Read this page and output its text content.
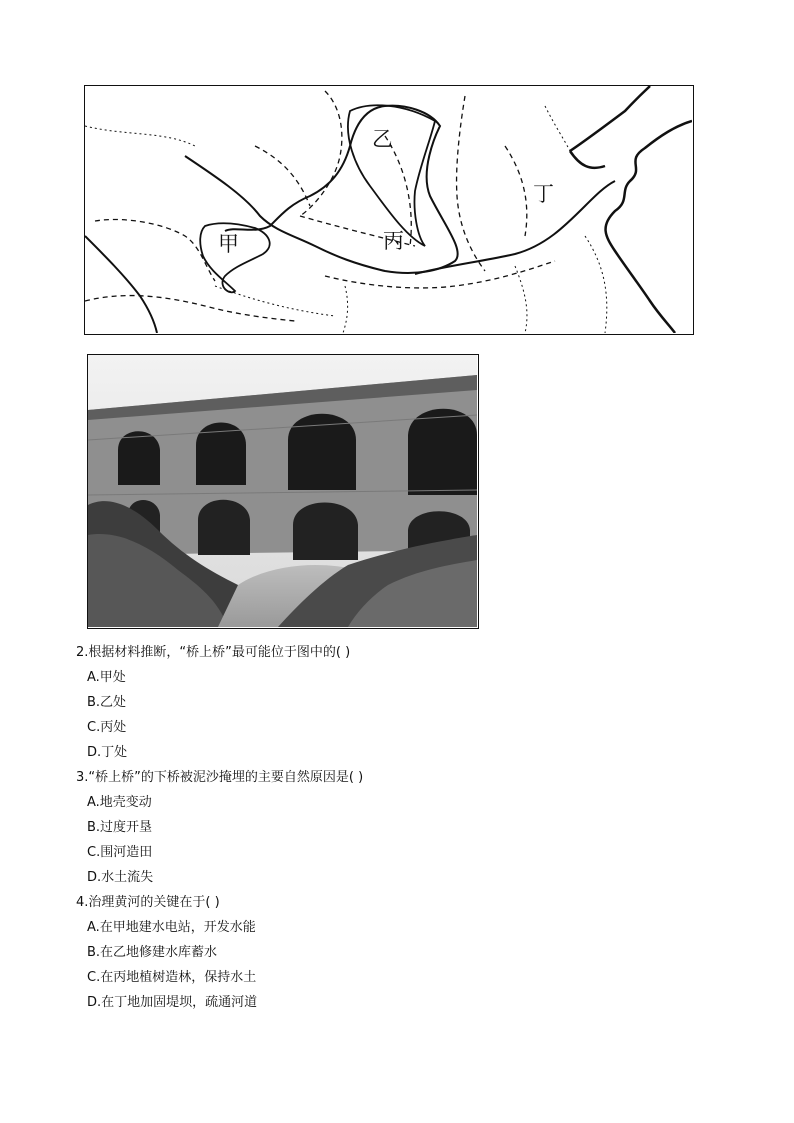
乙
甲	丙
丁
2.根据材料推断，“桥上桥”最可能位于图中的( )
A.甲处
B.乙处
C.丙处
D.丁处
3.“桥上桥”的下桥被泥沙掩埋的主要自然原因是( )
A.地壳变动
B.过度开垦
C.围河造田
D.水土流失
4.治理黄河的关键在于( )
A.在甲地建水电站，开发水能
B.在乙地修建水库蓄水
C.在丙地植树造林，保持水土
D.在丁地加固堤坝，疏通河道
